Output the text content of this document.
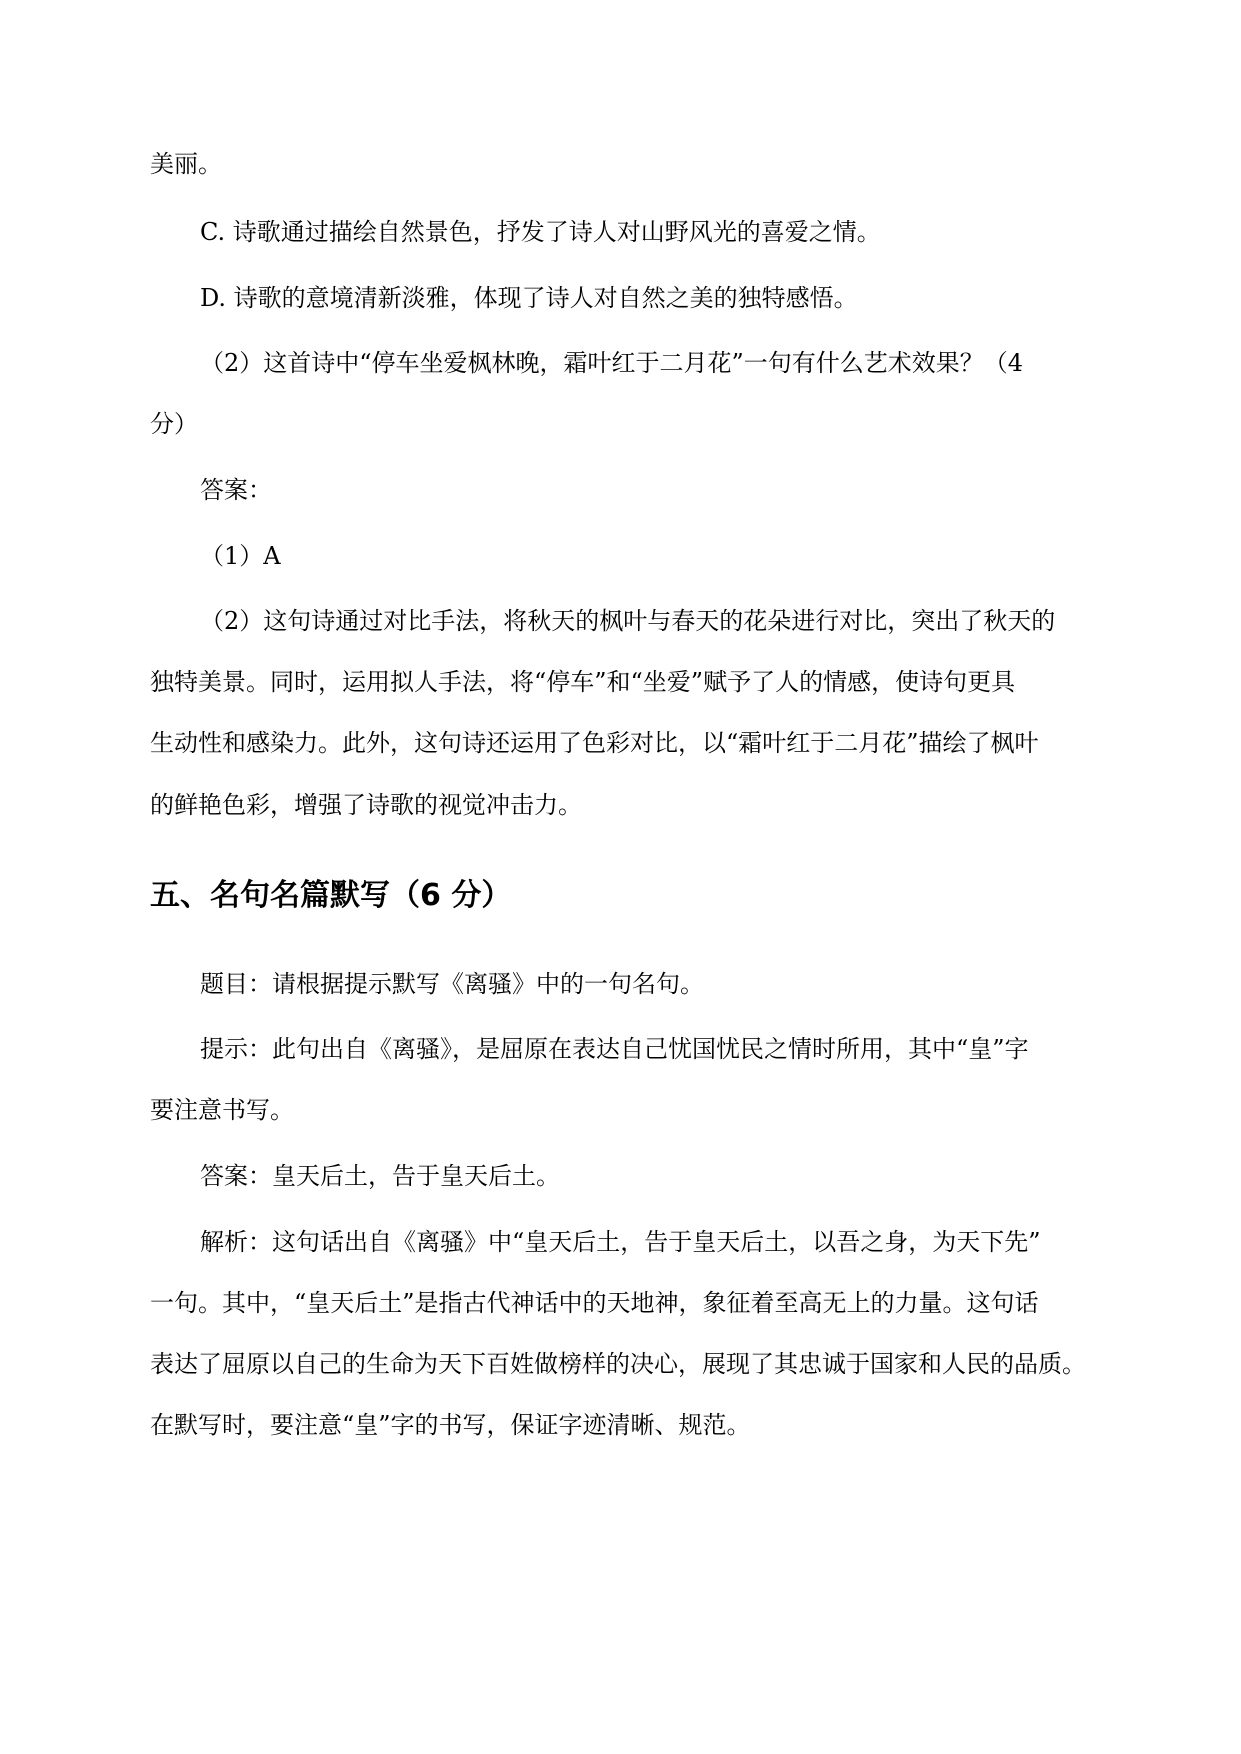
美丽。
C. 诗歌通过描绘自然景色，抒发了诗人对山野风光的喜爱之情。
D. 诗歌的意境清新淡雅，体现了诗人对自然之美的独特感悟。
（2）这首诗中“停车坐爱枫林晚，霜叶红于二月花”一句有什么艺术效果？（4
分）
答案：
（1）A
（2）这句诗通过对比手法，将秋天的枫叶与春天的花朵进行对比，突出了秋天的
独特美景。同时，运用拟人手法，将“停车”和“坐爱”赋予了人的情感，使诗句更具
生动性和感染力。此外，这句诗还运用了色彩对比，以“霜叶红于二月花”描绘了枫叶
的鲜艳色彩，增强了诗歌的视觉冲击力。
五、名句名篇默写（6 分）
题目：请根据提示默写《离骚》中的一句名句。
提示：此句出自《离骚》，是屈原在表达自己忧国忧民之情时所用，其中“皇”字
要注意书写。
答案：皇天后土，告于皇天后土。
解析：这句话出自《离骚》中“皇天后土，告于皇天后土，以吾之身，为天下先”
一句。其中，“皇天后土”是指古代神话中的天地神，象征着至高无上的力量。这句话
表达了屈原以自己的生命为天下百姓做榜样的决心，展现了其忠诚于国家和人民的品质。
在默写时，要注意“皇”字的书写，保证字迹清晰、规范。
